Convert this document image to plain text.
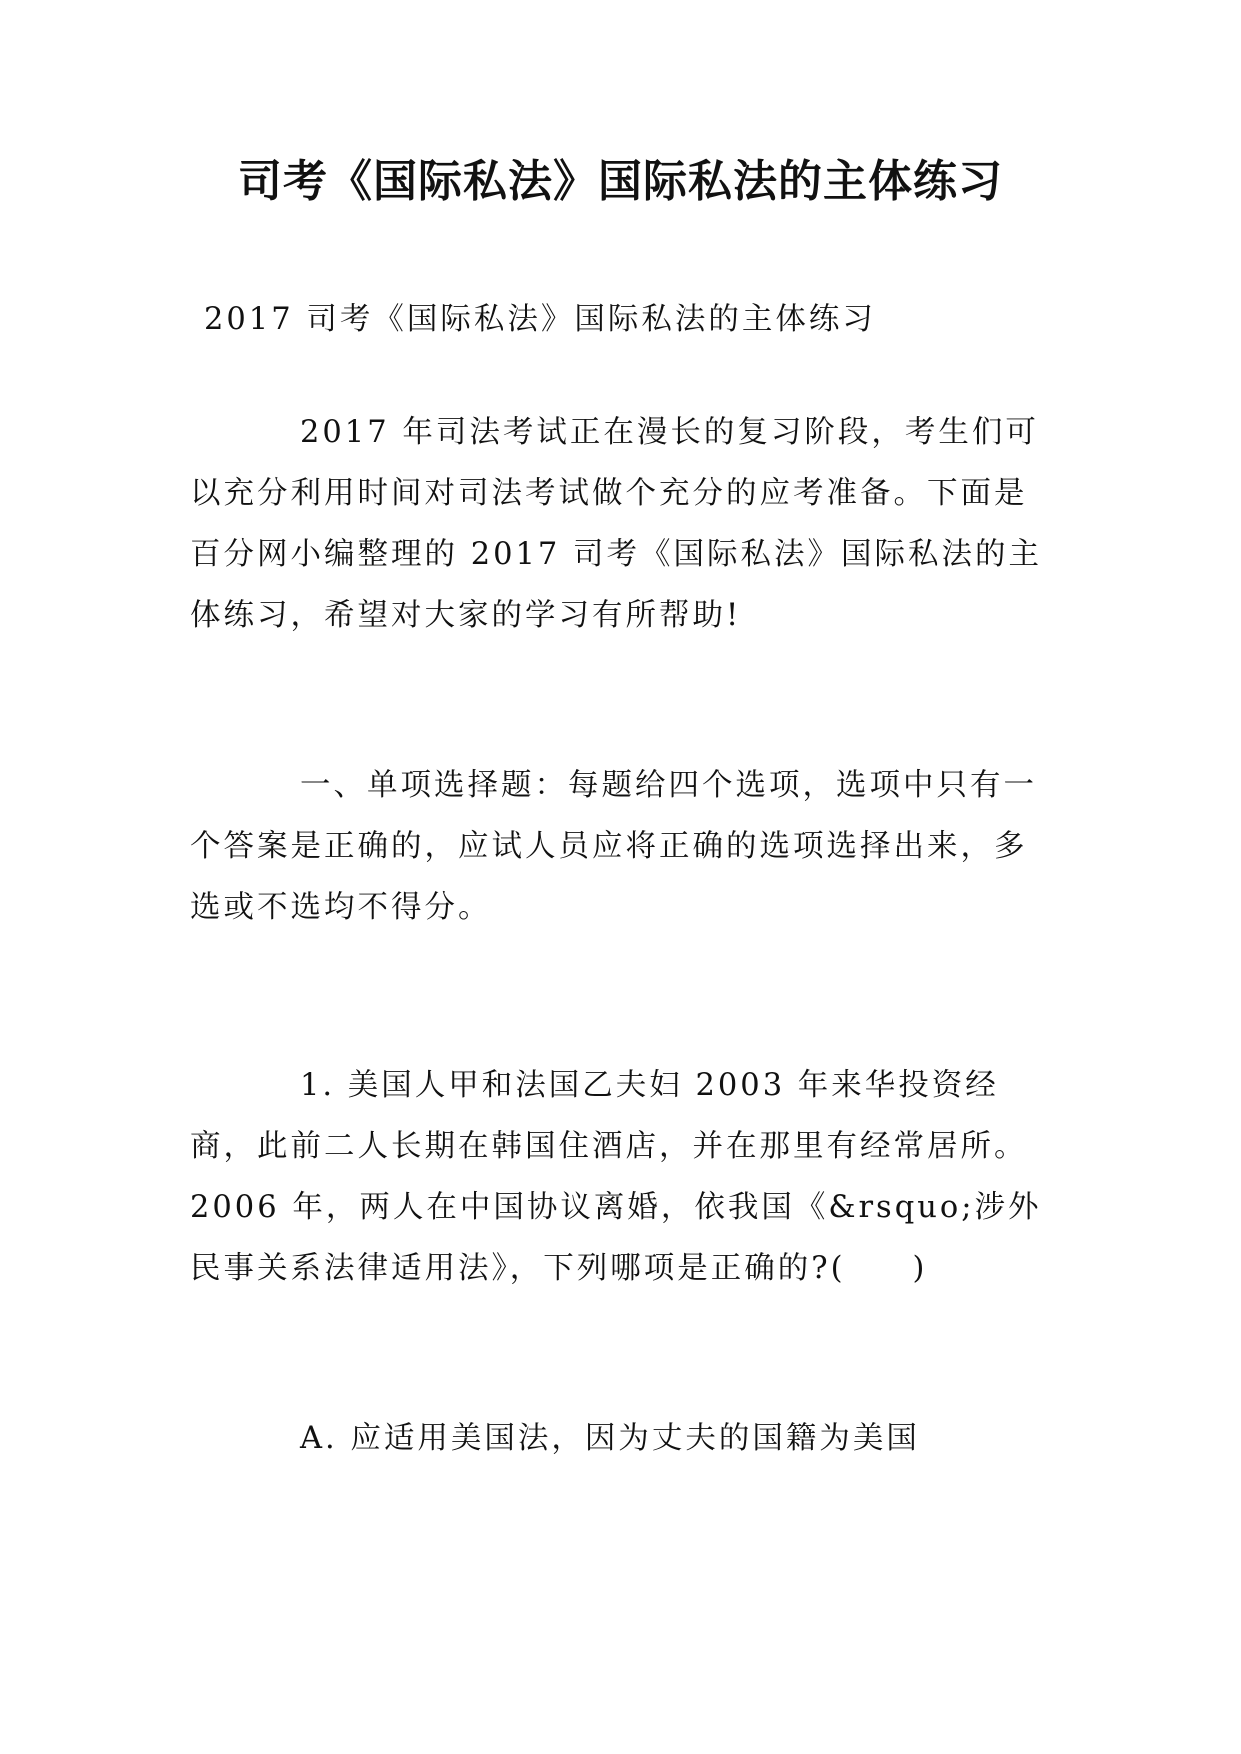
司考《国际私法》国际私法的主体练习

2017 司考《国际私法》国际私法的主体练习

2017 年司法考试正在漫长的复习阶段，考生们可以充分利用时间对司法考试做个充分的应考准备。下面是百分网小编整理的 2017 司考《国际私法》国际私法的主体练习，希望对大家的学习有所帮助!

一、单项选择题：每题给四个选项，选项中只有一个答案是正确的，应试人员应将正确的选项选择出来，多选或不选均不得分。

1. 美国人甲和法国乙夫妇 2003 年来华投资经商，此前二人长期在韩国住酒店，并在那里有经常居所。2006 年，两人在中国协议离婚，依我国《&rsquo;涉外民事关系法律适用法》，下列哪项是正确的?(　　)

A. 应适用美国法，因为丈夫的国籍为美国
